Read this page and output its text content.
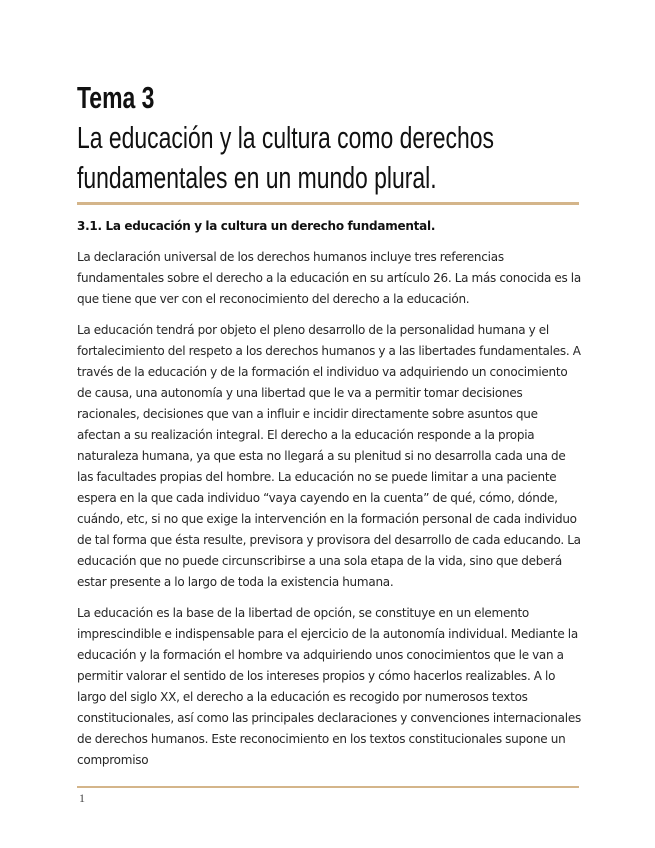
Tema 3
La educación y la cultura como derechos fundamentales en un mundo plural.
3.1. La educación y la cultura un derecho fundamental.

La declaración universal de los derechos humanos incluye tres referencias fundamentales sobre el derecho a la educación en su artículo 26. La más conocida es la que tiene que ver con el reconocimiento del derecho a la educación.

La educación tendrá por objeto el pleno desarrollo de la personalidad humana y el fortalecimiento del respeto a los derechos humanos y a las libertades fundamentales. A través de la educación y de la formación el individuo va adquiriendo un conocimiento de causa, una autonomía y una libertad que le va a permitir tomar decisiones racionales, decisiones que van a influir e incidir directamente sobre asuntos que afectan a su realización integral. El derecho a la educación responde a la propia naturaleza humana, ya que esta no llegará a su plenitud si no desarrolla cada una de las facultades propias del hombre. La educación no se puede limitar a una paciente espera en la que cada individuo “vaya cayendo en la cuenta” de qué, cómo, dónde, cuándo, etc, si no que exige la intervención en la formación personal de cada individuo de tal forma que ésta resulte, previsora y provisora del desarrollo de cada educando. La educación que no puede circunscribirse a una sola etapa de la vida, sino que deberá estar presente a lo largo de toda la existencia humana.

La educación es la base de la libertad de opción, se constituye en un elemento imprescindible e indispensable para el ejercicio de la autonomía individual. Mediante la educación y la formación el hombre va adquiriendo unos conocimientos que le van a permitir valorar el sentido de los intereses propios y cómo hacerlos realizables. A lo largo del siglo XX, el derecho a la educación es recogido por numerosos textos constitucionales, así como las principales declaraciones y convenciones internacionales de derechos humanos. Este reconocimiento en los textos constitucionales supone un compromiso

1
